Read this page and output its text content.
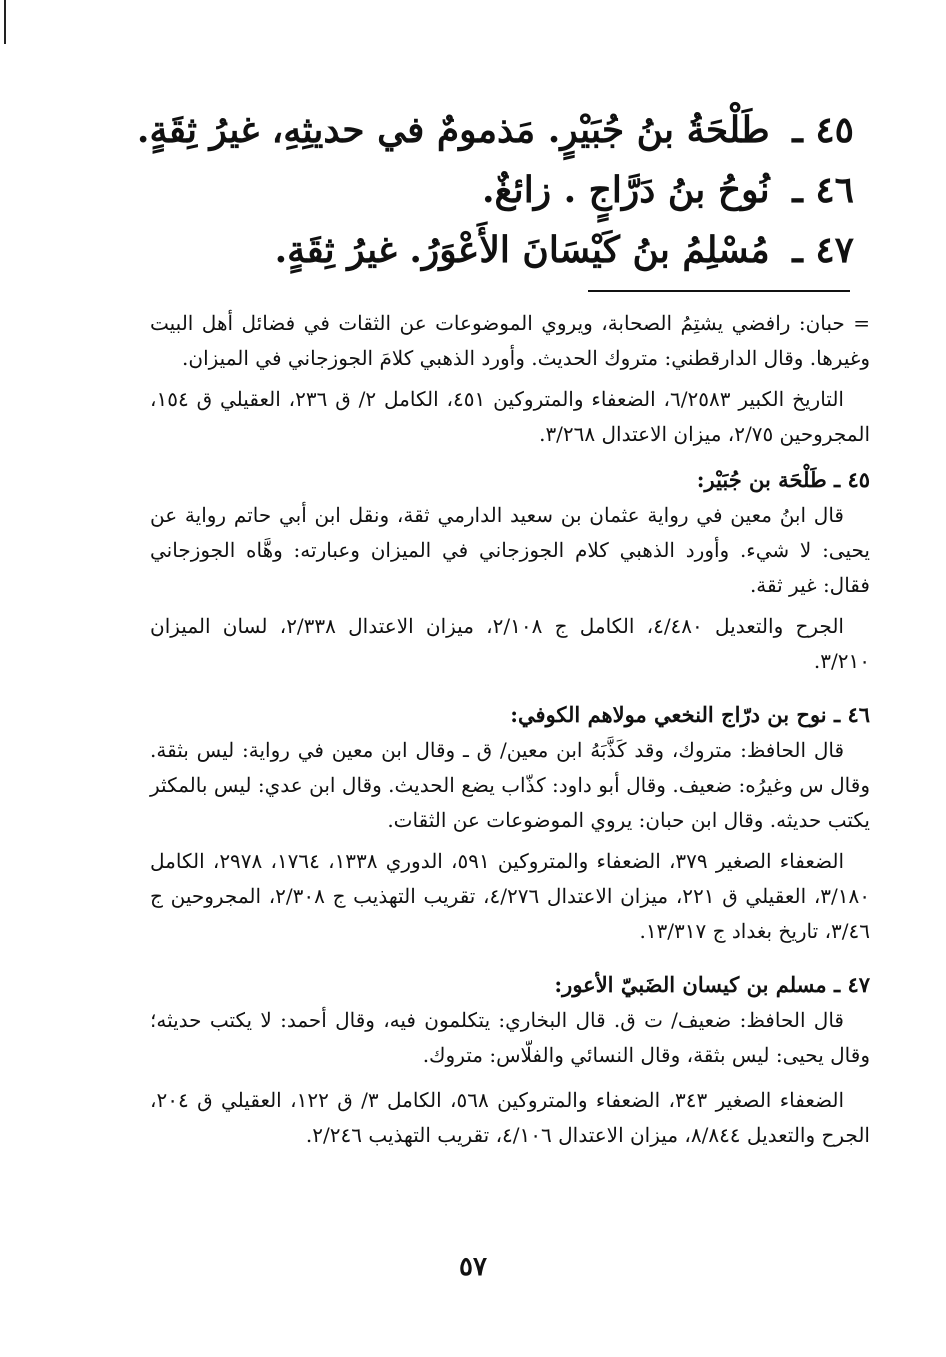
٤٥ ـ طَلْحَةُ بنُ جُبَيْرٍ. مَذمومٌ في حديثِهِ، غيرُ ثِقَةٍ.
٤٦ ـ نُوحُ بنُ دَرَّاجٍ . زائغٌ.
٤٧ ـ مُسْلِمُ بنُ كَيْسَانَ الأَعْوَرُ. غيرُ ثِقَةٍ.

= حبان: رافضي يشتِمُ الصحابة، ويروي الموضوعات عن الثقات في فضائل أهل البيت وغيرها. وقال الدارقطني: متروك الحديث. وأورد الذهبي كلامَ الجوزجاني في الميزان.

التاريخ الكبير ٦/٢٥٨٣، الضعفاء والمتروكين ٤٥١، الكامل ٢/ ق ٢٣٦، العقيلي ق ١٥٤، المجروحين ٢/٧٥، ميزان الاعتدال ٣/٢٦٨.

٤٥ ـ طَلْحَة بن جُبَيْر:

قال ابنُ معين في رواية عثمان بن سعيد الدارمي ثقة، ونقل ابن أبي حاتم رواية عن يحيى: لا شيء. وأورد الذهبي كلام الجوزجاني في الميزان وعبارته: وهَّاه الجوزجاني فقال: غير ثقة.

الجرح والتعديل ٤/٤٨٠، الكامل ج ٢/١٠٨، ميزان الاعتدال ٢/٣٣٨، لسان الميزان ٣/٢١٠.

٤٦ ـ نوح بن درّاج النخعي مولاهم الكوفي:

قال الحافظ: متروك، وقد كَذَّبَهُ ابن معين/ ق ـ وقال ابن معين في رواية: ليس بثقة. وقال س وغيرُه: ضعيف. وقال أبو داود: كذّاب يضع الحديث. وقال ابن عدي: ليس بالمكثر يكتب حديثه. وقال ابن حبان: يروي الموضوعات عن الثقات.

الضعفاء الصغير ٣٧٩، الضعفاء والمتروكين ٥٩١، الدوري ١٣٣٨، ١٧٦٤، ٢٩٧٨، الكامل ٣/١٨٠، العقيلي ق ٢٢١، ميزان الاعتدال ٤/٢٧٦، تقريب التهذيب ج ٢/٣٠٨، المجروحين ج ٣/٤٦، تاريخ بغداد ج ١٣/٣١٧.

٤٧ ـ مسلم بن كيسان الضَبيّ الأعور:

قال الحافظ: ضعيف/ ت ق. قال البخاري: يتكلمون فيه، وقال أحمد: لا يكتب حديثه؛ وقال يحيى: ليس بثقة، وقال النسائي والفلّاس: متروك.

الضعفاء الصغير ٣٤٣، الضعفاء والمتروكين ٥٦٨، الكامل ٣/ ق ١٢٢، العقيلي ق ٢٠٤، الجرح والتعديل ٨/٨٤٤، ميزان الاعتدال ٤/١٠٦، تقريب التهذيب ٢/٢٤٦.

٥٧
